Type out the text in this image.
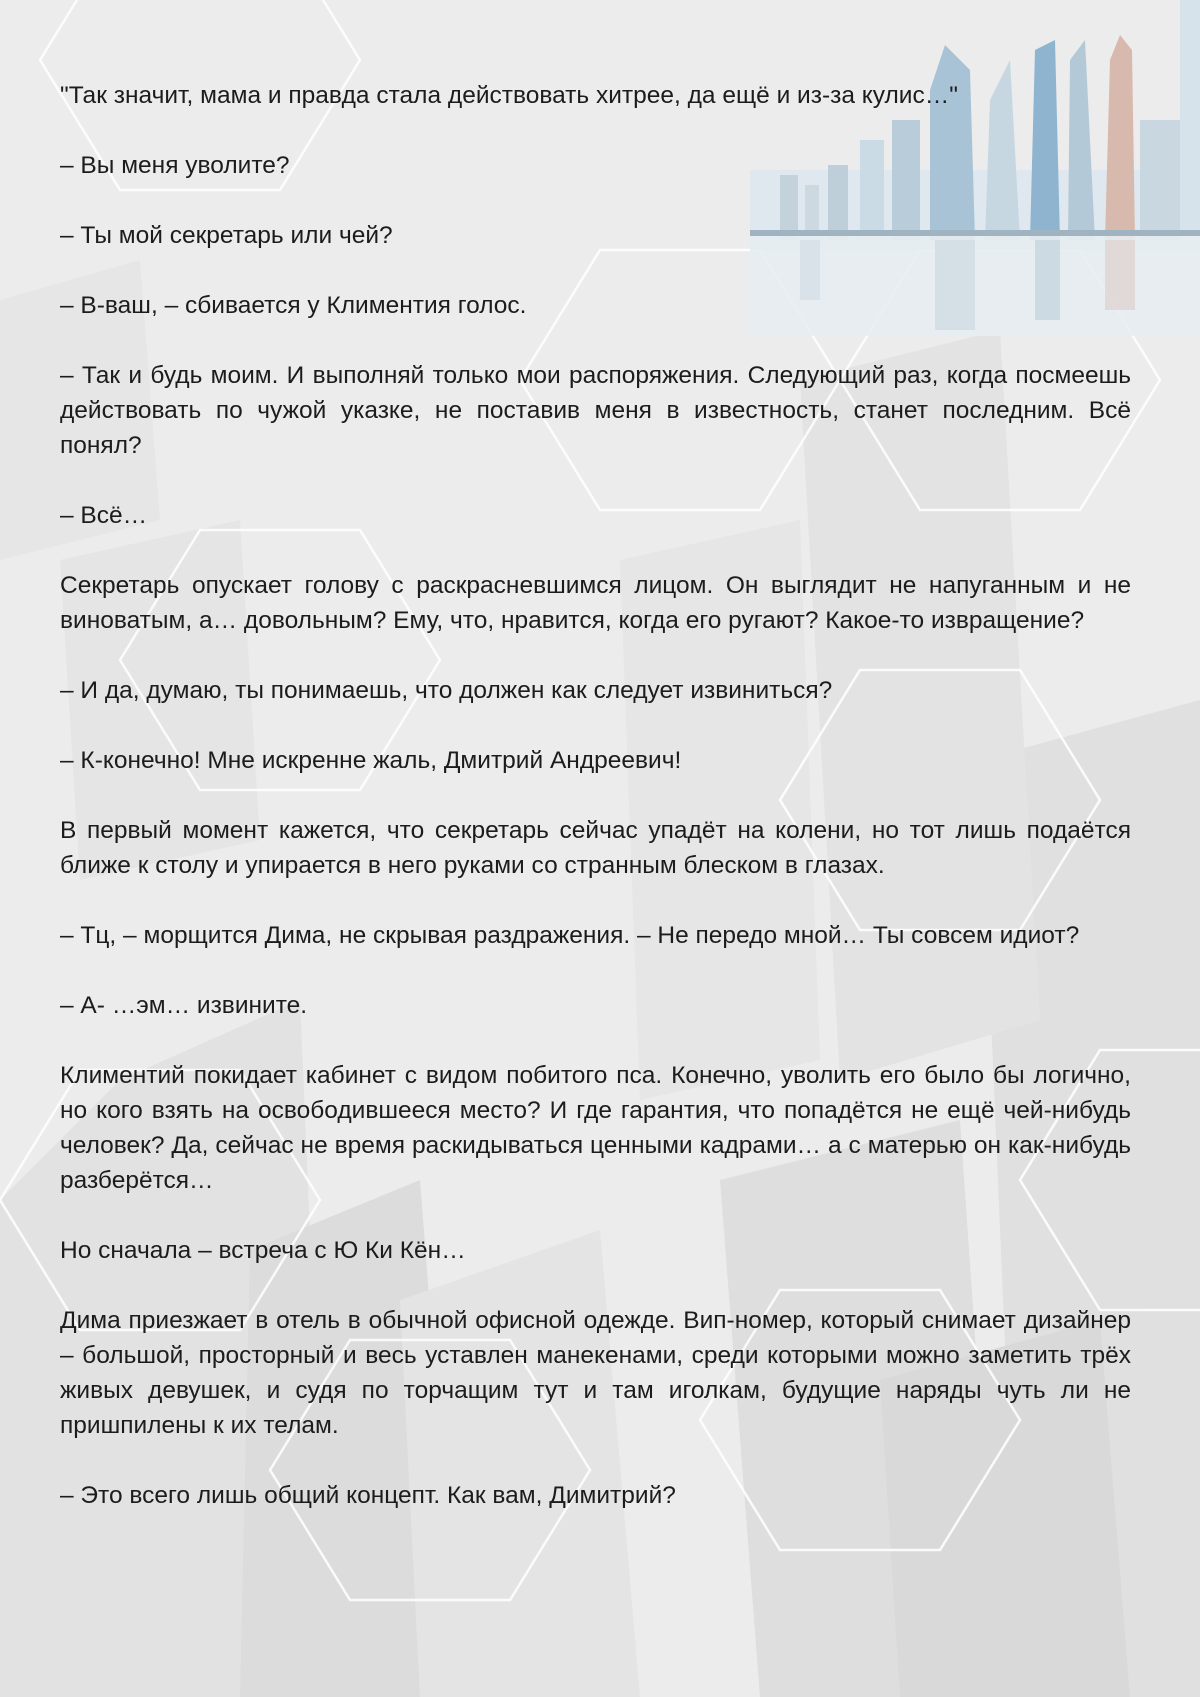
"Так значит, мама и правда стала действовать хитрее, да ещё и из-за кулис…"

– Вы меня уволите?

– Ты мой секретарь или чей?

– В-ваш, – сбивается у Климентия голос.

– Так и будь моим. И выполняй только мои распоряжения. Следующий раз, когда посмеешь действовать по чужой указке, не поставив меня в известность, станет последним. Всё понял?

– Всё…

Секретарь опускает голову с раскрасневшимся лицом. Он выглядит не напуганным и не виноватым, а… довольным? Ему, что, нравится, когда его ругают? Какое-то извращение?

– И да, думаю, ты понимаешь, что должен как следует извиниться?

– К-конечно! Мне искренне жаль, Дмитрий Андреевич!

В первый момент кажется, что секретарь сейчас упадёт на колени, но тот лишь подаётся ближе к столу и упирается в него руками со странным блеском в глазах.

– Тц, – морщится Дима, не скрывая раздражения. – Не передо мной… Ты совсем идиот?

– А- …эм… извините.

Климентий покидает кабинет с видом побитого пса. Конечно, уволить его было бы логично, но кого взять на освободившееся место? И где гарантия, что попадётся не ещё чей-нибудь человек? Да, сейчас не время раскидываться ценными кадрами… а с матерью он как-нибудь разберётся…

Но сначала – встреча с Ю Ки Кён…

Дима приезжает в отель в обычной офисной одежде. Вип-номер, который снимает дизайнер – большой, просторный и весь уставлен манекенами, среди которыми можно заметить трёх живых девушек, и судя по торчащим тут и там иголкам, будущие наряды чуть ли не пришпилены к их телам.

– Это всего лишь общий концепт. Как вам, Димитрий?
